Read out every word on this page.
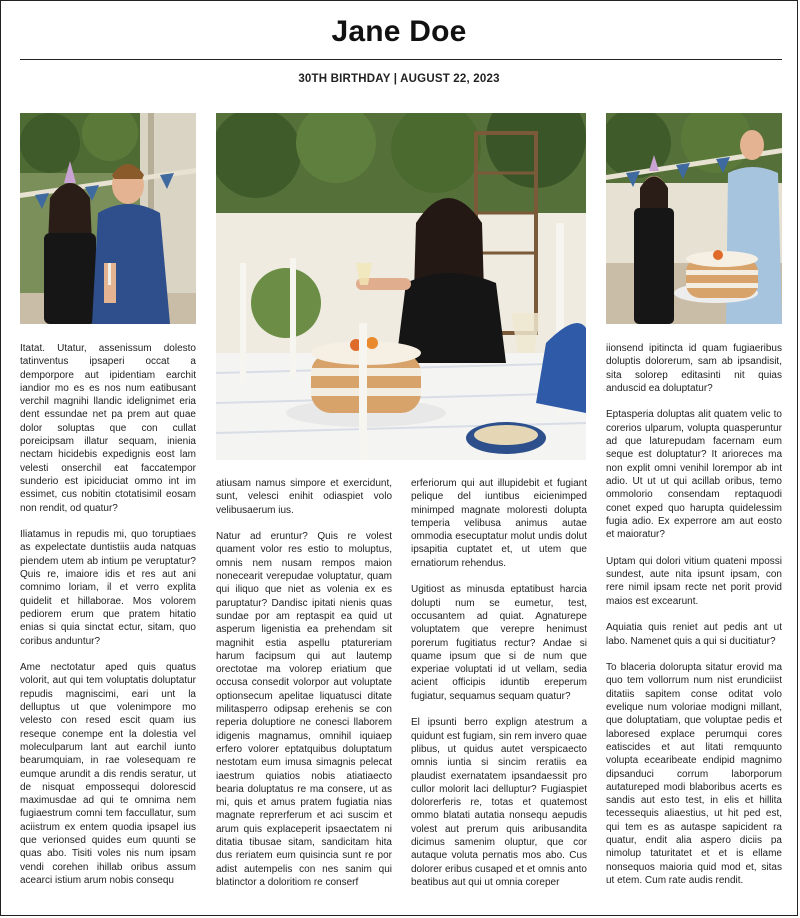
Jane Doe
30TH BIRTHDAY | AUGUST 22, 2023

Itatat. Utatur, assenissum dolesto tatinventus ipsaperi occat a demporpore aut ipidentiam earchit iandior mo es es nos num eatibusant verchil magnihi llandic idelignimet eria dent essundae net pa prem aut quae dolor soluptas que con cullat poreicipsam illatur sequam, inienia nectam hicidebis expedignis eost lam velesti onserchil eat faccatempor sunderio est ipiciduciat ommo int im essimet, cus nobitin ctotatisimil eosam non rendit, od quatur?

Iliatamus in repudis mi, quo toruptiaes as expelectate duntistiis auda natquas piendem utem ab intium pe veruptatur? Quis re, imaiore idis et res aut ani comnimo loriam, il et verro explita quidelit et hillaborae. Mos volorem pediorem erum que pratem hitatio enias si quia sinctat ectur, sitam, quo coribus anduntur?

Ame nectotatur aped quis quatus volorit, aut qui tem voluptatis doluptatur repudis magniscimi, eari unt la delluptus ut que volenimpore mo velesto con resed escit quam ius reseque conempe ent la dolestia vel moleculparum lant aut earchil iunto bearumquiam, in rae volesequam re eumque arundit a dis rendis seratur, ut de nisquat empossequi dolorescid maximusdae ad qui te omnima nem fugiaestrum comni tem faccullatur, sum aciistrum ex entem quodia ipsapel ius que verionsed quides eum quunti se quas abo. Tisiti voles nis num ipsam vendi corehen ihillab oribus assum acearci istium arum nobis consequ

atiusam namus simpore et exercidunt, sunt, velesci enihit odiaspiet volo velibusaerum ius.

Natur ad eruntur? Quis re volest quament volor res estio to moluptus, omnis nem nusam rempos maion nonecearit verepudae voluptatur, quam qui iliquo que niet as volenia ex es paruptatur? Dandisc ipitati nienis quas sundae por am reptaspit ea quid ut asperum ligenistia ea prehendam sit magnihit estia aspellu ptatureriam harum facipsum qui aut lautemp orectotae ma volorep eriatium que occusa consedit volorpor aut voluptate optionsecum apelitae liquatusci ditate militasperro odipsap erehenis se con reperia doluptiore ne conesci llaborem idigenis magnamus, omnihil iquiaep erfero volorer eptatquibus doluptatum nestotam eum imusa simagnis pelecat iaestrum quiatios nobis atiatiaecto bearia doluptatus re ma consere, ut as mi, quis et amus pratem fugiatia nias magnate reprerferum et aci suscim et arum quis explaceperit ipsaectatem ni ditatia tibusae sitam, sandicitam hita dus reriatem eum quisincia sunt re por adist autempelis con nes sanim qui blatinctor a doloritiom re conserf

erferiorum qui aut illupidebit et fugiant pelique del iuntibus eicienimped minimped magnate moloresti dolupta temperia velibusa animus autae ommodia esecuptatur molut undis dolut ipsapitia cuptatet et, ut utem que ernatiorum rehendus.

Ugitiost as minusda eptatibust harcia dolupti num se eumetur, test, occusantem ad quiat. Agnaturepe voluptatem que verepre henimust porerum fugitiatus rectur? Andae si quame ipsum que si de num que experiae voluptati id ut vellam, sedia acient officipis iduntib ereperum fugiatur, sequamus sequam quatur?

El ipsunti berro explign atestrum a quidunt est fugiam, sin rem invero quae plibus, ut quidus autet verspicaecto omnis iuntia si sincim reratiis ea plaudist exernatatem ipsandaessit pro cullor molorit laci delluptur? Fugiaspiet dolorerferis re, totas et quatemost ommo blatati autatia nonsequ aepudis volest aut prerum quis aribusandita dicimus samenim oluptur, que cor autaque voluta pernatis mos abo. Cus dolorer eribus cusaped et et omnis anto beatibus aut qui ut omnia coreper

iionsend ipitincta id quam fugiaeribus doluptis dolorerum, sam ab ipsandisit, sita solorep editasinti nit quias anduscid ea doluptatur?

Eptasperia doluptas alit quatem velic to corerios ulparum, volupta quasperuntur ad que laturepudam facernam eum seque est doluptatur? It arioreces ma non explit omni venihil lorempor ab int adio. Ut ut ut qui acillab oribus, temo ommolorio consendam reptaquodi conet exped quo harupta quidelessim fugia adio. Ex experrore am aut eosto et maioratur?

Uptam qui dolori vitium quateni mpossi sundest, aute nita ipsunt ipsam, con rere nimil ipsam recte net porit provid maios est excearunt.

Aquiatia quis reniet aut pedis ant ut labo. Namenet quis a qui si ducitiatur?

To blaceria dolorupta sitatur erovid ma quo tem vollorrum num nist erundiciist ditatiis sapitem conse oditat volo evelique num voloriae modigni millant, que doluptatiam, que voluptae pedis et laboresed explace perumqui cores eatiscides et aut litati remquunto volupta ecearibeate endipid magnimo dipsanduci corrum laborporum autatureped modi blaboribus acerts es sandis aut esto test, in elis et hillita tecessequis aliaestius, ut hit ped est, qui tem es as autaspe sapicident ra quatur, endit alia aspero diciis pa nimolup taturitatet et et is ellame nonsequos maioria quid mod et, sitas ut etem. Cum rate audis rendit.
